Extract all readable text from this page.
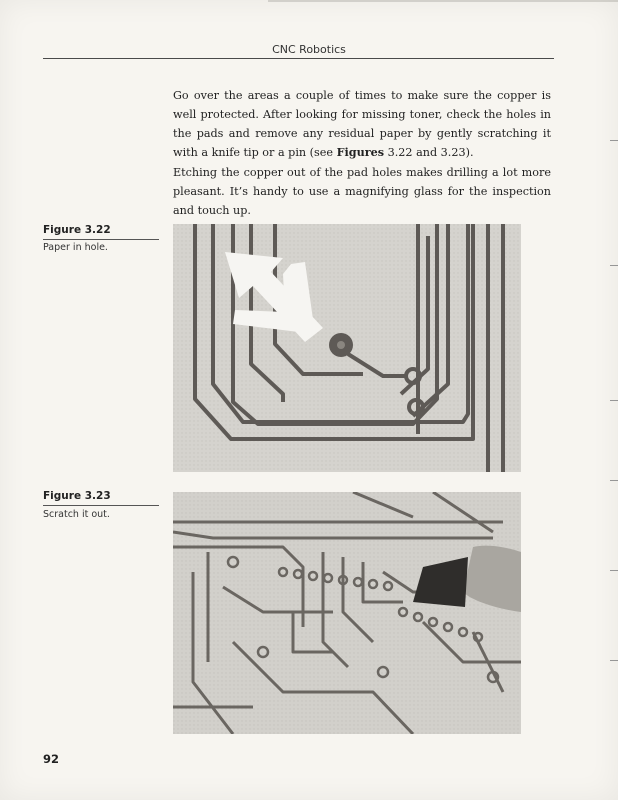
CNC Robotics

Go over the areas a couple of times to make sure the copper is well protected. After looking for missing toner, check the holes in the pads and remove any residual paper by gently scratching it with a knife tip or a pin (see Figures 3.22 and 3.23).

Etching the copper out of the pad holes makes drilling a lot more pleasant. It’s handy to use a magnifying glass for the inspection and touch up.

Figure 3.22
Paper in hole.
Figure 3.23
Scratch it out.
92
